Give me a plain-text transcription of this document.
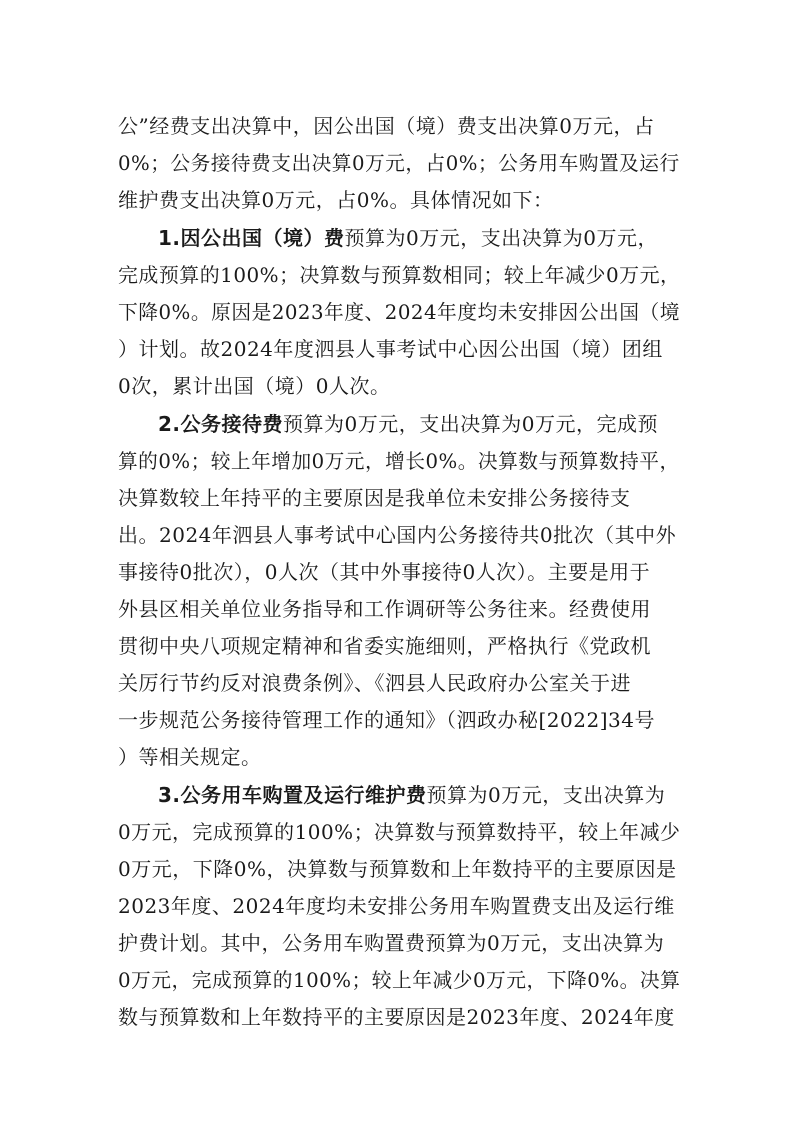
公”经费支出决算中，因公出国（境）费支出决算0万元，占
0%；公务接待费支出决算0万元，占0%；公务用车购置及运行
维护费支出决算0万元，占0%。具体情况如下：
1.因公出国（境）费预算为0万元，支出决算为0万元，
完成预算的100%；决算数与预算数相同；较上年减少0万元，
下降0%。原因是2023年度、2024年度均未安排因公出国（境
）计划。故2024年度泗县人事考试中心因公出国（境）团组
0次，累计出国（境）0人次。
2.公务接待费预算为0万元，支出决算为0万元，完成预
算的0%；较上年增加0万元，增长0%。决算数与预算数持平，
决算数较上年持平的主要原因是我单位未安排公务接待支
出。2024年泗县人事考试中心国内公务接待共0批次（其中外
事接待0批次），0人次（其中外事接待0人次）。主要是用于
外县区相关单位业务指导和工作调研等公务往来。经费使用
贯彻中央八项规定精神和省委实施细则，严格执行《党政机
关厉行节约反对浪费条例》、《泗县人民政府办公室关于进
一步规范公务接待管理工作的通知》（泗政办秘[2022]34号
）等相关规定。
3.公务用车购置及运行维护费预算为0万元，支出决算为
0万元，完成预算的100%；决算数与预算数持平，较上年减少
0万元，下降0%，决算数与预算数和上年数持平的主要原因是
2023年度、2024年度均未安排公务用车购置费支出及运行维
护费计划。其中，公务用车购置费预算为0万元，支出决算为
0万元，完成预算的100%；较上年减少0万元，下降0%。决算
数与预算数和上年数持平的主要原因是2023年度、2024年度
